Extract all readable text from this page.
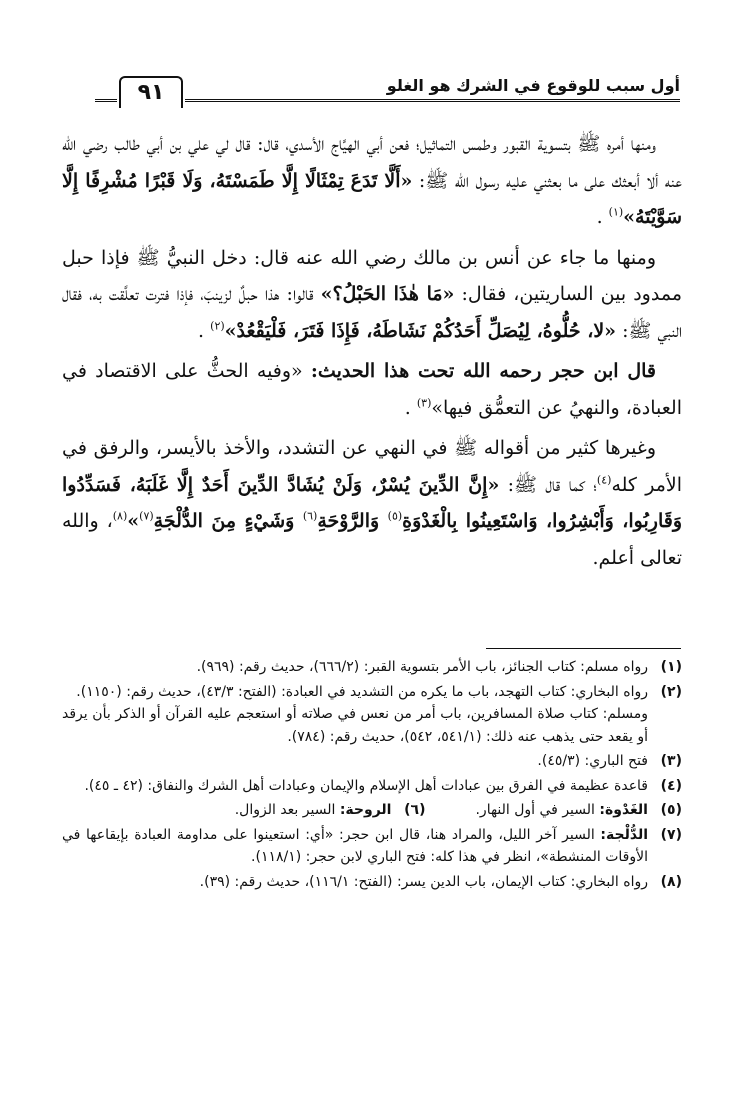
أول سبب للوقوع في الشرك هو الغلو
٩١

ومنها أمره ﷺ بتسوية القبور وطمس التماثيل؛ فعن أبي الهيَّاج الأسدي، قال: قال لي علي بن أبي طالب رضي الله عنه ألا أبعثك على ما بعثني عليه رسول الله ﷺ: «أَلَّا تَدَعَ تِمْثَالًا إِلَّا طَمَسْتَهُ، وَلَا قَبْرًا مُشْرِفًا إِلَّا سَوَّيْتَهُ»$^{(١)}$ .

ومنها ما جاء عن أنس بن مالك رضي الله عنه قال: دخل النبيُّ ﷺ فإذا حبل ممدود بين الساريتين، فقال: «مَا هٰذَا الحَبْلُ؟» قالوا: هذا حبلٌ لزينبَ، فإذا فترت تعلَّقت به، فقال النبي ﷺ: «لا، حُلُّوهُ، لِيُصَلِّ أَحَدُكُمْ نَشَاطَهُ، فَإِذَا فَتَرَ، فَلْيَقْعُدْ»$^{(٢)}$ .

قال ابن حجر رحمه الله تحت هذا الحديث: «وفيه الحثُّ على الاقتصاد في العبادة، والنهيُ عن التعمُّق فيها»$^{(٣)}$ .

وغيرها كثير من أقواله ﷺ في النهي عن التشدد، والأخذ بالأيسر، والرفق في الأمر كله$^{(٤)}$؛ كما قال ﷺ: «إِنَّ الدِّينَ يُسْرٌ، وَلَنْ يُشَادَّ الدِّينَ أَحَدٌ إِلَّا غَلَبَهُ، فَسَدِّدُوا وَقَارِبُوا، وَأَبْشِرُوا، وَاسْتَعِينُوا بِالْغَدْوَةِ$^{(٥)}$ وَالرَّوْحَةِ$^{(٦)}$ وَشَيْءٍ مِنَ الدُّلْجَةِ$^{(٧)}$»$^{(٨)}$، والله تعالى أعلم.

(١)
رواه مسلم: كتاب الجنائز، باب الأمر بتسوية القبر: (٦٦٦/٢)، حديث رقم: (٩٦٩).
(٢)
رواه البخاري: كتاب التهجد، باب ما يكره من التشديد في العبادة: (الفتح: ٤٣/٣)، حديث رقم: (١١٥٠).
ومسلم: كتاب صلاة المسافرين، باب أمر من نعس في صلاته أو استعجم عليه القرآن أو الذكر بأن يرقد أو يقعد حتى يذهب عنه ذلك: (٥٤١/١، ٥٤٢)، حديث رقم: (٧٨٤).
(٣)
فتح الباري: (٤٥/٣).
(٤)
قاعدة عظيمة في الفرق بين عبادات أهل الإسلام والإيمان وعبادات أهل الشرك والنفاق: (٤٢ ـ ٤٥).
(٥)
الغَدْوة: السير في أول النهار.
(٦)
الروحة: السير بعد الزوال.
(٧)
الدُّلْجة: السير آخر الليل، والمراد هنا، قال ابن حجر: «أي: استعينوا على مداومة العبادة بإيقاعها في الأوقات المنشطة»، انظر في هذا كله: فتح الباري لابن حجر: (١١٨/١).
(٨)
رواه البخاري: كتاب الإيمان، باب الدين يسر: (الفتح: ١١٦/١)، حديث رقم: (٣٩).
